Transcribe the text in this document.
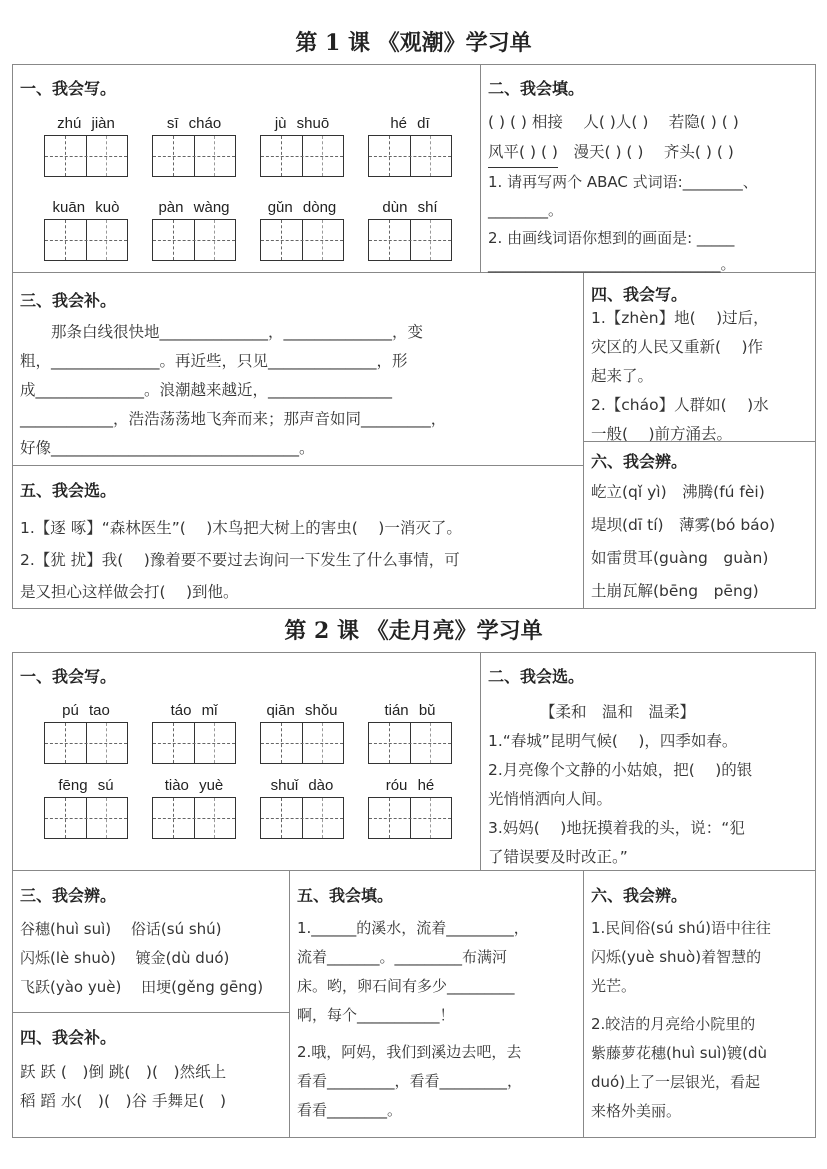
第 1 课 《观潮》学习单
一、我会写。
zhú jiàn	sī cháo	jù shuō	hé dī
kuān kuò	pàn wàng	gǔn dòng	dùn shí
二、我会填。
( ) ( ) 相接　 人( )人( )　 若隐( ) ( )
风平( ) ( )　漫天( ) ( )　 齐头( ) ( )
1. 请再写两个 ABAC 式词语:________、
________。
2. 由画线词语你想到的画面是: _____
_______________________________。
三、我会补。
　　那条白线很快地______________，______________，变
粗，______________。再近些，只见______________，形
成______________。浪潮越来越近，________________
____________，浩浩荡荡地飞奔而来；那声音如同_________，
好像________________________________。
四、我会写。
1.【zhèn】地(　 )过后，
灾区的人民又重新(　 )作
起来了。
2.【cháo】人群如(　 )水
一般(　 )前方涌去。
五、我会选。
1.【逐 啄】“森林医生”(　 )木鸟把大树上的害虫(　 )一消灭了。
2.【犹 扰】我(　 )豫着要不要过去询问一下发生了什么事情，可
是又担心这样做会打(　 )到他。
六、我会辨。
屹立(qǐ yì)　沸腾(fú fèi)
堤坝(dī tí)　薄雾(bó báo)
如雷贯耳(guàng　guàn)
土崩瓦解(bēng　pēng)
第 2 课 《走月亮》学习单
一、我会写。
pú tao	táo mǐ	qiān shǒu	tián bǔ
fēng sú	tiào yuè	shuǐ dào	róu hé
二、我会选。
【柔和　温和　温柔】
1.“春城”昆明气候(　 )，四季如春。
2.月亮像个文静的小姑娘，把(　 )的银
光悄悄洒向人间。
3.妈妈(　 )地抚摸着我的头，说：“犯
了错误要及时改正。”
三、我会辨。
谷穗(huì suì)　 俗话(sú shú)
闪烁(lè shuò)　 镀金(dù duó)
飞跃(yào yuè)　 田埂(gěng gēng)
四、我会补。
跃 跃 (　)倒 跳(　)(　)然纸上
稻 蹈 水(　)(　)谷 手舞足(　)
五、我会填。
1.______的溪水，流着_________，
流着_______。_________布满河
床。哟，卵石间有多少_________
啊，每个___________！
2.哦，阿妈，我们到溪边去吧，去
看看_________，看看_________，
看看________。
六、我会辨。
1.民间俗(sú shú)语中往往
闪烁(yuè shuò)着智慧的
光芒。
2.皎洁的月亮给小院里的
紫藤萝花穗(huì suì)镀(dù
duó)上了一层银光，看起
来格外美丽。
